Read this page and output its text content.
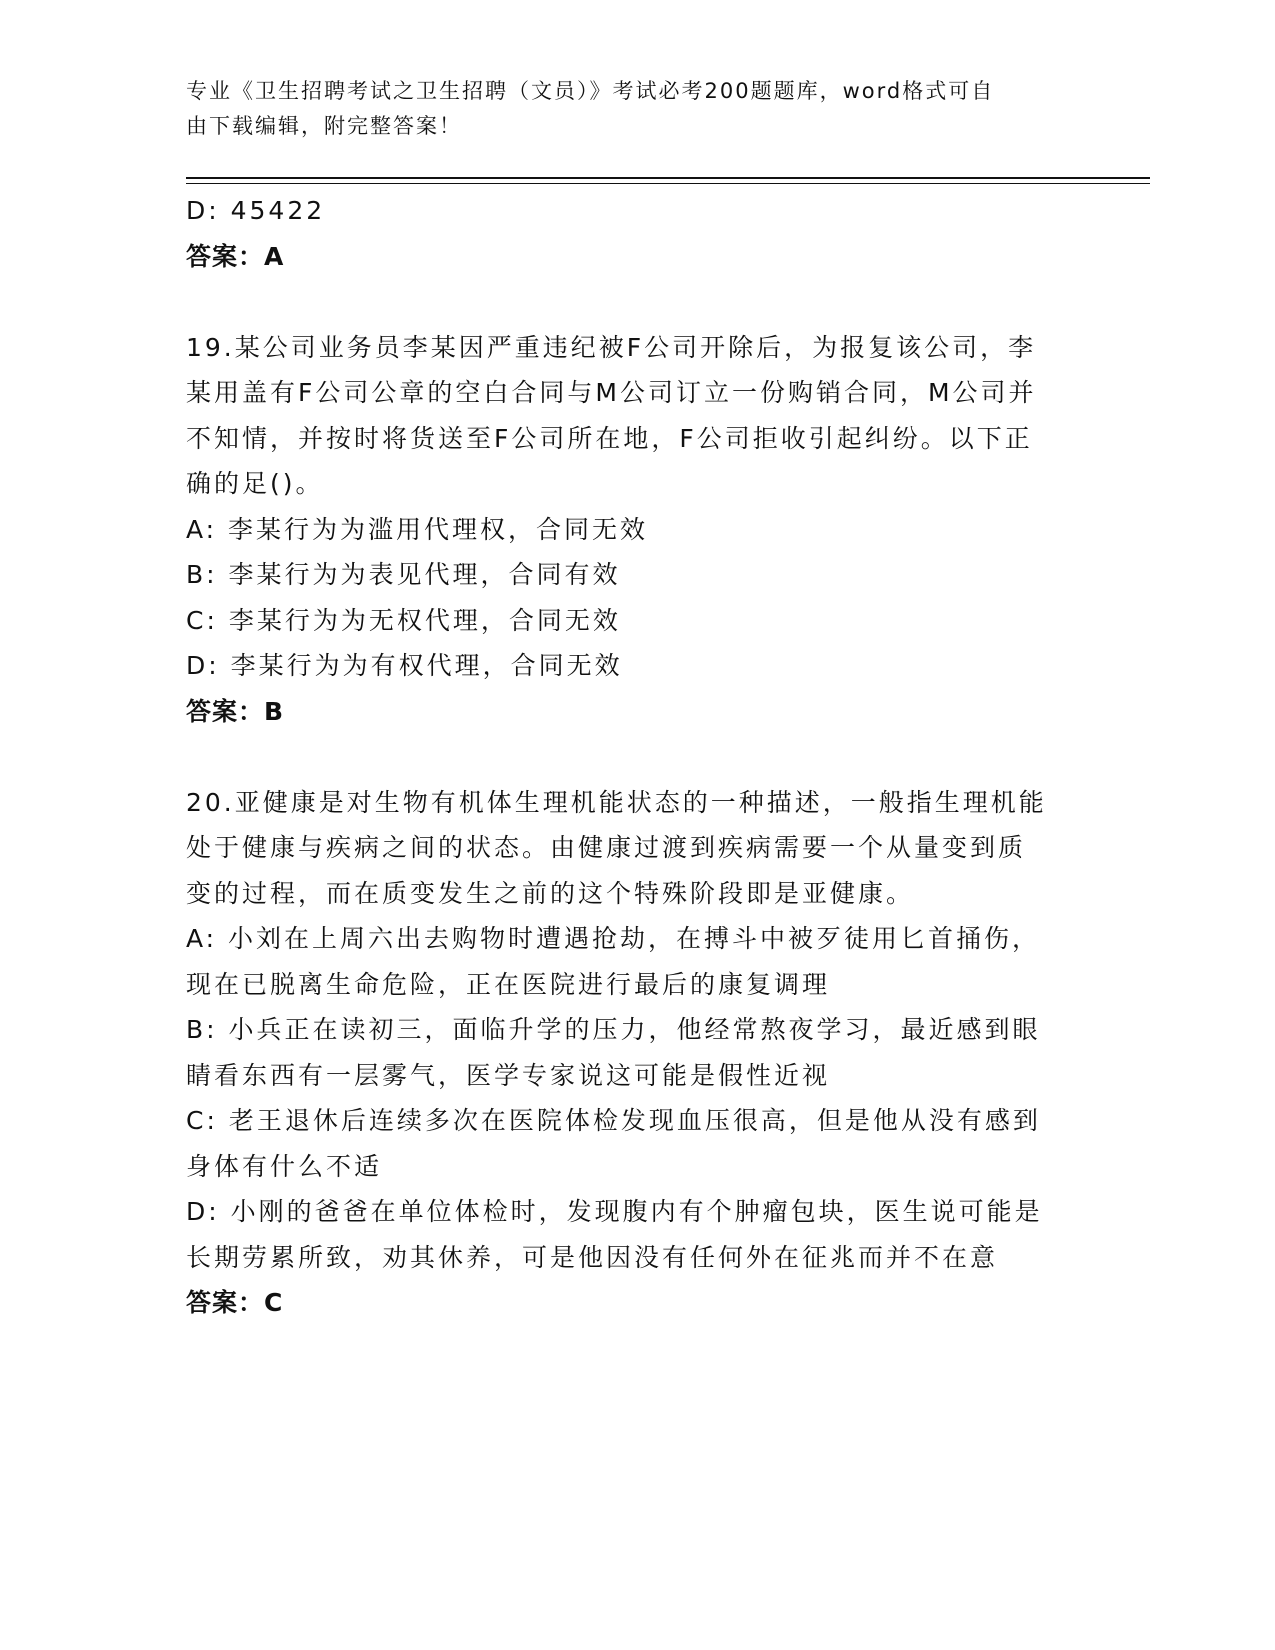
专业《卫生招聘考试之卫生招聘（文员）》考试必考200题题库，word格式可自
由下载编辑，附完整答案！
D: 45422
答案：A
19.某公司业务员李某因严重违纪被F公司开除后，为报复该公司，李
某用盖有F公司公章的空白合同与M公司订立一份购销合同，M公司并
不知情，并按时将货送至F公司所在地，F公司拒收引起纠纷。以下正
确的足()。
A: 李某行为为滥用代理权，合同无效
B: 李某行为为表见代理，合同有效
C: 李某行为为无权代理，合同无效
D: 李某行为为有权代理，合同无效
答案：B
20.亚健康是对生物有机体生理机能状态的一种描述，一般指生理机能
处于健康与疾病之间的状态。由健康过渡到疾病需要一个从量变到质
变的过程，而在质变发生之前的这个特殊阶段即是亚健康。
A: 小刘在上周六出去购物时遭遇抢劫，在搏斗中被歹徒用匕首捅伤，
现在已脱离生命危险，正在医院进行最后的康复调理
B: 小兵正在读初三，面临升学的压力，他经常熬夜学习，最近感到眼
睛看东西有一层雾气，医学专家说这可能是假性近视
C: 老王退休后连续多次在医院体检发现血压很高，但是他从没有感到
身体有什么不适
D: 小刚的爸爸在单位体检时，发现腹内有个肿瘤包块，医生说可能是
长期劳累所致，劝其休养，可是他因没有任何外在征兆而并不在意
答案：C
